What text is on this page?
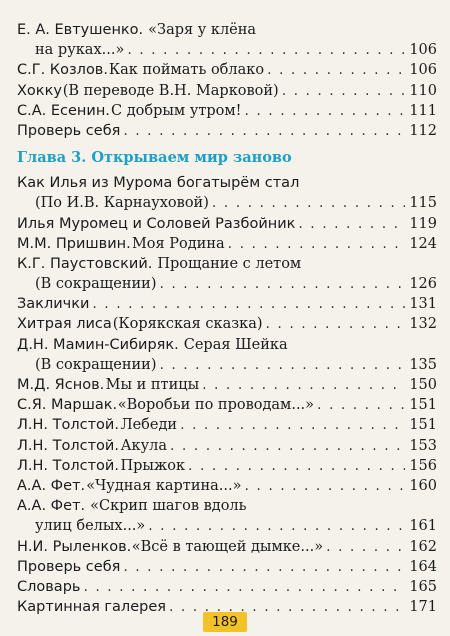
Е. А. Евтушенко. «Заря у клёна
на руках...» . . .	106
С.Г. Козлов. Как поймать облако . . .	106
Хокку (В переводе В.Н. Марковой) . . .	110
С.А. Есенин. С добрым утром! . . .	111
Проверь себя . . .	112
Глава 3. Открываем мир заново
Как Илья из Мурома богатырём стал
(По И.В. Карнауховой) . . .	115
Илья Муромец и Соловей Разбойник . . .	119
М.М. Пришвин. Моя Родина . . .	124
К.Г. Паустовский. Прощание с летом
(В сокращении) . . .	126
Заклички . . .	131
Хитрая лиса (Корякская сказка) . . .	132
Д.Н. Мамин-Сибиряк. Серая Шейка
(В сокращении) . . .	135
М.Д. Яснов. Мы и птицы . . .	150
С.Я. Маршак. «Воробьи по проводам...» . . .	151
Л.Н. Толстой. Лебеди . . .	151
Л.Н. Толстой. Акула . . .	153
Л.Н. Толстой. Прыжок . . .	156
А.А. Фет. «Чудная картина...» . . .	160
А.А. Фет. «Скрип шагов вдоль
улиц белых...» . . .	161
Н.И. Рыленков. «Всё в тающей дымке...» . . .	162
Проверь себя . . .	164
Словарь . . .	165
Картинная галерея . . .	171
189
